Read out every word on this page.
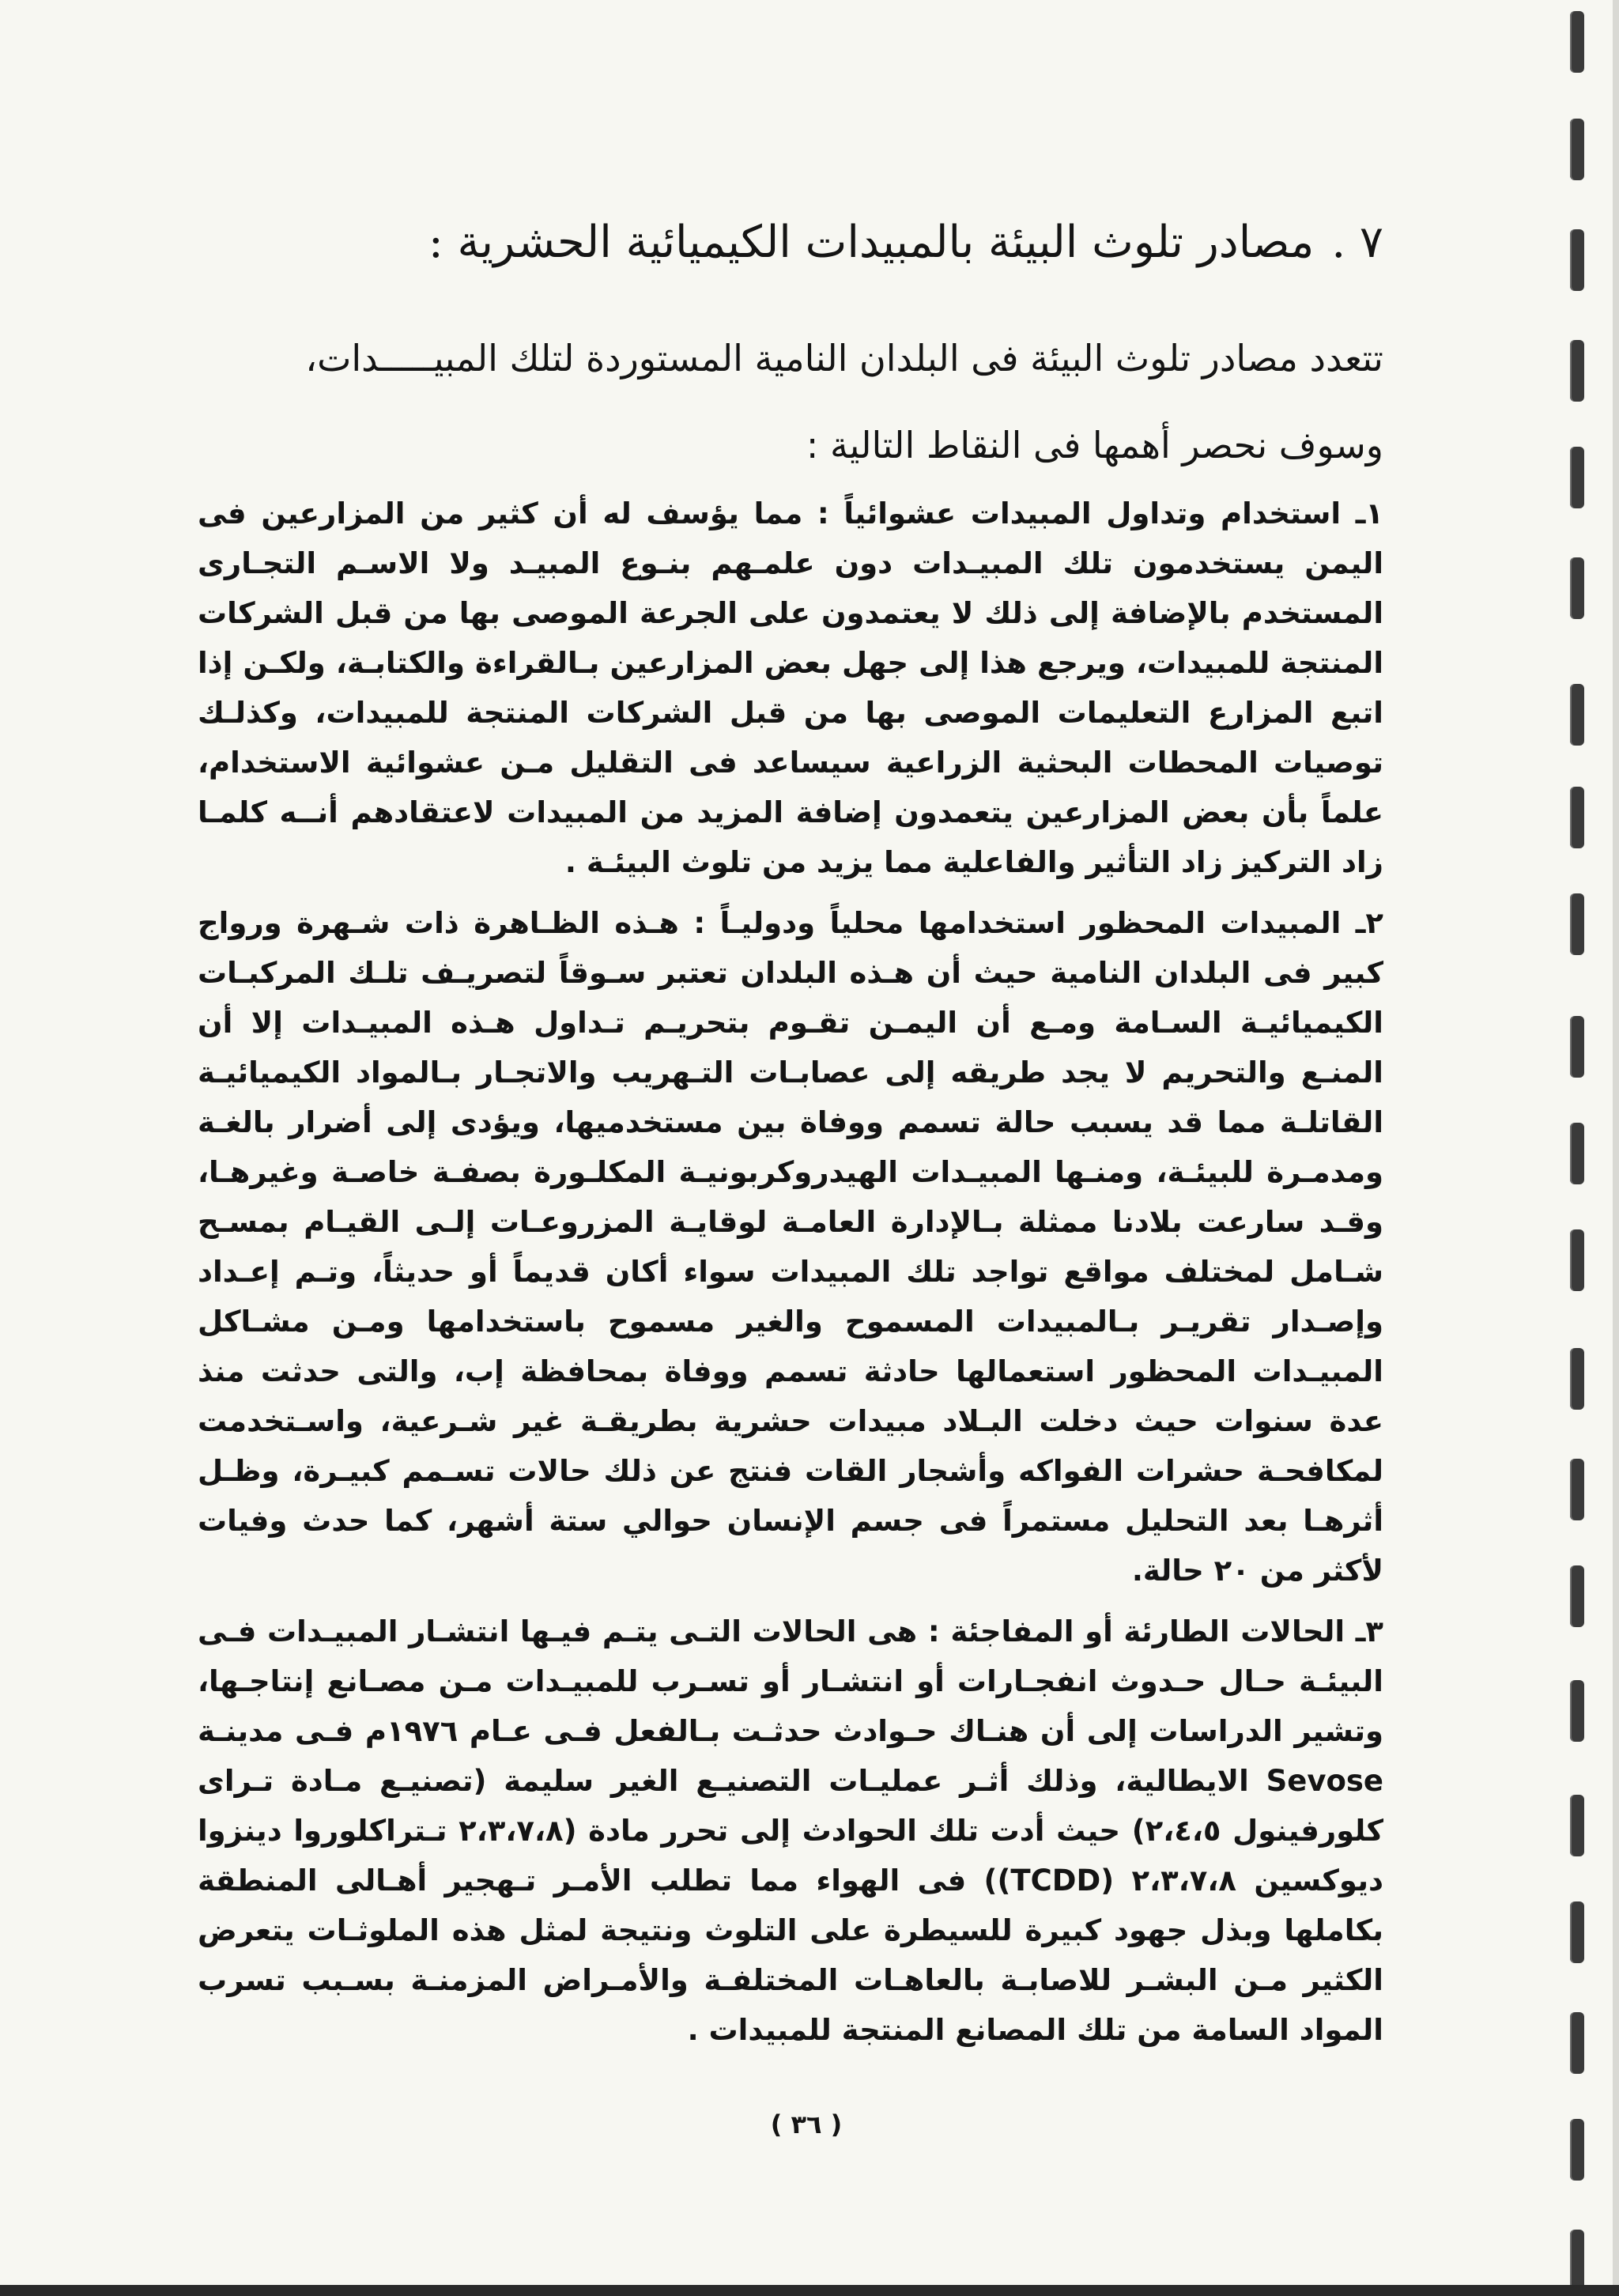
٧ .مصادر تلوث البيئة بالمبيدات الكيميائية الحشرية :

تتعدد مصادر تلوث البيئة فى البلدان النامية المستوردة لتلك المبيـــــدات، وسوف نحصر أهمها فى النقاط التالية :

١ـ استخدام وتداول المبيدات عشوائياً : مما يؤسف له أن كثير من المزارعين فى اليمن يستخدمون تلك المبيـدات دون علمـهم بنـوع المبيـد ولا الاسـم التجـارى المستخدم بالإضافة إلى ذلك لا يعتمدون على الجرعة الموصى بها من قبل الشركات المنتجة للمبيدات، ويرجع هذا إلى جهل بعض المزارعين بـالقراءة والكتابـة، ولكـن إذا اتبع المزارع التعليمات الموصى بها من قبل الشركات المنتجة للمبيدات، وكذلـك توصيات المحطات البحثية الزراعية سيساعد فى التقليل مـن عشوائية الاستخدام، علماً بأن بعض المزارعين يتعمدون إضافة المزيد من المبيدات لاعتقادهم أنــه كلمـا زاد التركيز زاد التأثير والفاعلية مما يزيد من تلوث البيئـة .

٢ـ المبيدات المحظور استخدامها محلياً ودوليـاً : هـذه الظـاهرة ذات شـهرة ورواج كبير فى البلدان النامية حيث أن هـذه البلدان تعتبر سـوقاً لتصريـف تلـك المركبـات الكيميائيـة السـامة ومـع أن اليمـن تقـوم بتحريـم تـداول هـذه المبيـدات إلا أن المنـع والتحريم لا يجد طريقه إلى عصابـات التـهريب والاتجـار بـالمواد الكيميائيـة القاتلـة مما قد يسبب حالة تسمم ووفاة بين مستخدميها، ويؤدى إلى أضرار بالغـة ومدمـرة للبيئـة، ومنـها المبيـدات الهيدروكربونيـة المكلـورة بصفـة خاصـة وغيرهـا، وقـد سارعت بلادنا ممثلة بـالإدارة العامـة لوقايـة المزروعـات إلـى القيـام بمسـح شـامل لمختلف مواقع تواجد تلك المبيدات سواء أكان قديماً أو حديثاً، وتـم إعـداد وإصـدار تقريـر بـالمبيدات المسموح والغير مسموح باستخدامها ومـن مشـاكل المبيـدات المحظور استعمالها حادثة تسمم ووفاة بمحافظة إب، والتى حدثت منذ عدة سنوات حيث دخلت البـلاد مبيدات حشرية بطريقـة غير شـرعية، واسـتخدمت لمكافحـة حشرات الفواكه وأشجار القات فنتج عن ذلك حالات تسـمم كبيـرة، وظـل أثرهـا بعد التحليل مستمراً فى جسم الإنسان حوالي ستة أشهر، كما حدث وفيات لأكثر من ٢٠ حالة.

٣ـ الحالات الطارئة أو المفاجئة : هى الحالات التـى يتـم فيـها انتشـار المبيـدات فـى البيئـة حـال حـدوث انفجـارات أو انتشـار أو تسـرب للمبيـدات مـن مصـانع إنتاجـها، وتشير الدراسات إلى أن هنـاك حـوادث حدثـت بـالفعل فـى عـام ١٩٧٦م فـى مدينـة Sevose الايطالية، وذلك أثـر عمليـات التصنيـع الغير سليمة (تصنيـع مـادة تـراى كلورفينول ٢،٤،٥) حيث أدت تلك الحوادث إلى تحرر مادة (٢،٣،٧،٨ تـتراكلوروا دينزوا ديوكسين ٢،٣،٧،٨ (TCDD)) فى الهواء مما تطلب الأمـر تـهجير أهـالى المنطقة بكاملها وبذل جهود كبيرة للسيطرة على التلوث ونتيجة لمثل هذه الملوثـات يتعرض الكثير مـن البشـر للاصابـة بالعاهـات المختلفـة والأمـراض المزمنـة بسـبب تسرب المواد السامة من تلك المصانع المنتجة للمبيدات .

( ٣٦ )
